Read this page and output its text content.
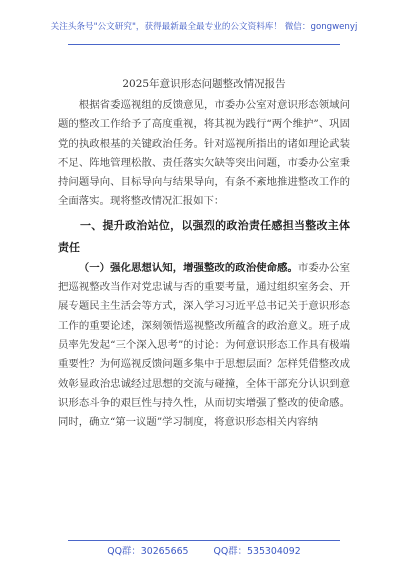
关注头条号"公文研究"，获得最新最全最专业的公文资料库！ 微信：gongwenyj
2025年意识形态问题整改情况报告

根据省委巡视组的反馈意见，市委办公室对意识形态领域问题的整改工作给予了高度重视，将其视为践行“两个维护”、巩固党的执政根基的关键政治任务。针对巡视所指出的诸如理论武装不足、阵地管理松散、责任落实欠缺等突出问题，市委办公室秉持问题导向、目标导向与结果导向，有条不紊地推进整改工作的全面落实。现将整改情况汇报如下：

一、提升政治站位，以强烈的政治责任感担当整改主体责任

（一）强化思想认知，增强整改的政治使命感。市委办公室把巡视整改当作对党忠诚与否的重要考量，通过组织室务会、开展专题民主生活会等方式，深入学习习近平总书记关于意识形态工作的重要论述，深刻领悟巡视整改所蕴含的政治意义。班子成员率先发起“三个深入思考”的讨论：为何意识形态工作具有极端重要性？为何巡视反馈问题多集中于思想层面？怎样凭借整改成效彰显政治忠诚经过思想的交流与碰撞，全体干部充分认识到意识形态斗争的艰巨性与持久性，从而切实增强了整改的使命感。同时，确立“第一议题”学习制度，将意识形态相关内容纳

QQ群：30265665	QQ群：535304092
